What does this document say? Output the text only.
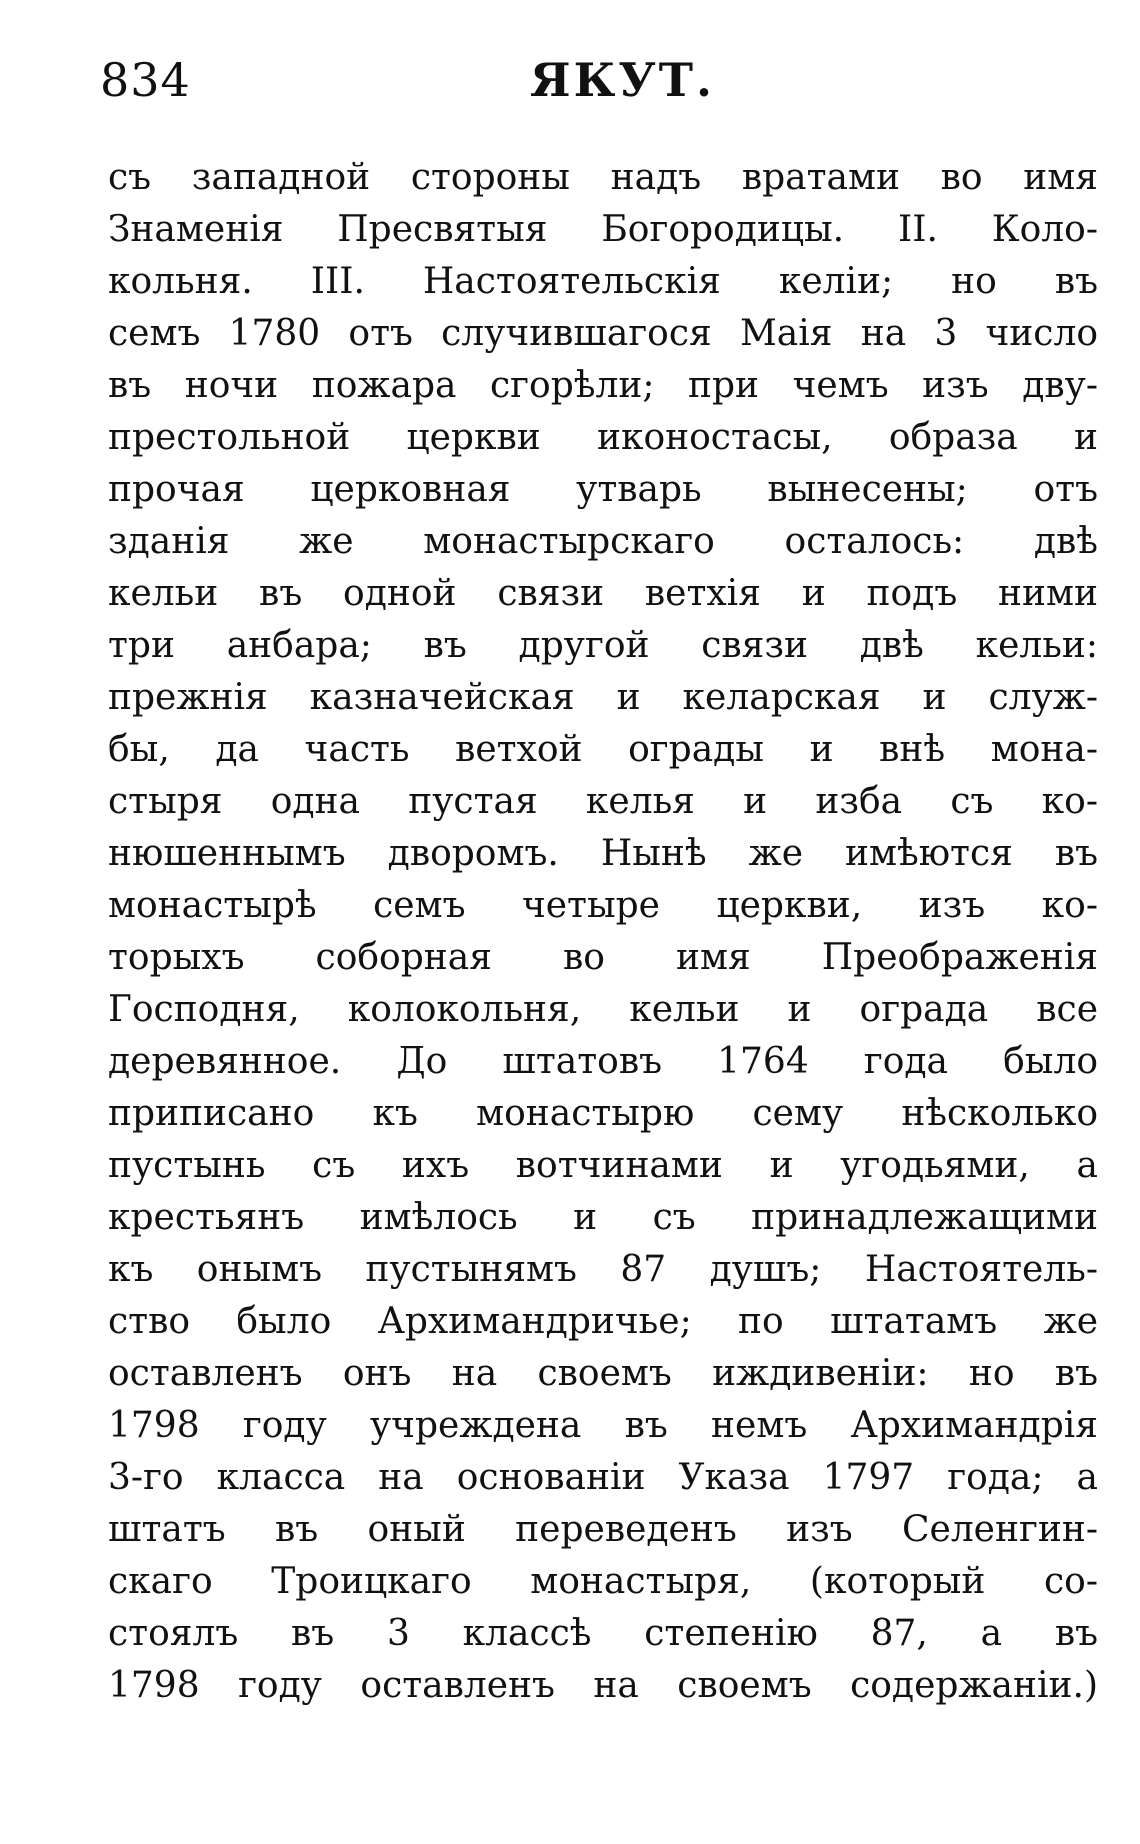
834	ЯКУТ.
съ западной стороны надъ вратами во имя
Знаменія Пресвятыя Богородицы. II. Коло-
кольня. III. Настоятельскія келіи; но въ
семъ 1780 отъ случившагося Маія на 3 число
въ ночи пожара сгорѣли; при чемъ изъ дву-
престольной церкви иконостасы, образа и
прочая церковная утварь вынесены; отъ
зданія же монастырскаго осталось: двѣ
кельи въ одной связи ветхія и подъ ними
три анбара; въ другой связи двѣ кельи:
прежнія казначейская и келарская и служ-
бы, да часть ветхой ограды и внѣ мона-
стыря одна пустая келья и изба съ ко-
нюшеннымъ дворомъ. Нынѣ же имѣются въ
монастырѣ семъ четыре церкви, изъ ко-
торыхъ соборная во имя Преображенія
Господня, колокольня, кельи и ограда все
деревянное. До штатовъ 1764 года было
приписано къ монастырю сему нѣсколько
пустынь съ ихъ вотчинами и угодьями, а
крестьянъ имѣлось и съ принадлежащими
къ онымъ пустынямъ 87 душъ; Настоятель-
ство было Архимандричье; по штатамъ же
оставленъ онъ на своемъ иждивеніи: но въ
1798 году учреждена въ немъ Архимандрія
3-го класса на основаніи Указа 1797 года; а
штатъ въ оный переведенъ изъ Селенгин-
скаго Троицкаго монастыря, (который со-
стоялъ въ 3 классѣ степенію 87, а въ
1798 году оставленъ на своемъ содержаніи.)
